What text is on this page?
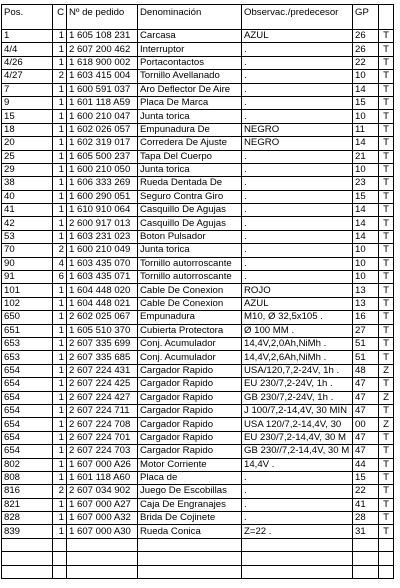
Pos.	C	Nº de pedido	Denominación	Observac./predecesor	GP	
1	1	1 605 108 231	Carcasa	AZUL	26	T
4/4	1	2 607 200 462	Interruptor	.	26	T
4/26	1	1 618 900 002	Portacontactos	.	22	T
4/27	2	1 603 415 004	Tornillo Avellanado	.	10	T
7	1	1 600 591 037	Aro Deflector De Aire	.	14	T
9	1	1 601 118 A59	Placa De Marca	.	15	T
15	1	1 600 210 047	Junta torica	.	10	T
18	1	1 602 026 057	Empunadura De	NEGRO	11	T
20	1	1 602 319 017	Corredera De Ajuste	NEGRO	14	T
25	1	1 605 500 237	Tapa Del Cuerpo	.	21	T
29	1	1 600 210 050	Junta torica	.	10	T
38	1	1 606 333 269	Rueda Dentada De	.	23	T
40	1	1 600 290 051	Seguro Contra Giro	.	15	T
41	1	1 610 910 064	Casquillo De Agujas	.	14	T
42	1	2 600 917 013	Casquillo De Agujas	.	14	T
53	1	1 603 231 023	Boton Pulsador	.	14	T
70	2	1 600 210 049	Junta torica	.	10	T
90	4	1 603 435 070	Tornillo autorroscante	.	10	T
91	6	1 603 435 071	Tornillo autorroscante	.	10	T
101	1	1 604 448 020	Cable De Conexion	ROJO	13	T
102	1	1 604 448 021	Cable De Conexion	AZUL	13	T
650	1	2 602 025 067	Empunadura	M10, Ø 32,5x105 .	16	T
651	1	1 605 510 370	Cubierta Protectora	Ø 100 MM .	27	T
653	1	2 607 335 699	Conj. Acumulador	14,4V,2,0Ah,NiMh .	51	T
653	1	2 607 335 685	Conj. Acumulador	14,4V,2,6Ah,NiMh .	51	T
654	1	2 607 224 431	Cargador Rapido	USA/120,7,2-24V, 1h .	48	Z
654	1	2 607 224 425	Cargador Rapido	EU 230/7,2-24V, 1h .	47	T
654	1	2 607 224 427	Cargador Rapido	GB 230/7,2-24V, 1h .	47	Z
654	1	2 607 224 711	Cargador Rapido	J 100/7,2-14,4V, 30 MIN	47	T
654	1	2 607 224 708	Cargador Rapido	USA 120/7,2-14,4V, 30	00	Z
654	1	2 607 224 701	Cargador Rapido	EU 230/7,2-14,4V, 30 M	47	T
654	1	2 607 224 703	Cargador Rapido	GB 230//7,2-14,4V, 30 M	47	T
802	1	1 607 000 A26	Motor Corriente	14,4V .	44	T
808	1	1 601 118 A60	Placa de	.	15	T
816	2	2 607 034 902	Juego De Escobillas	.	22	T
821	1	1 607 000 A27	Caja De Engranajes	.	41	T
828	1	1 607 000 A32	Brida De Cojinete	.	28	T
839	1	1 607 000 A30	Rueda Conica	Z=22 .	31	T
